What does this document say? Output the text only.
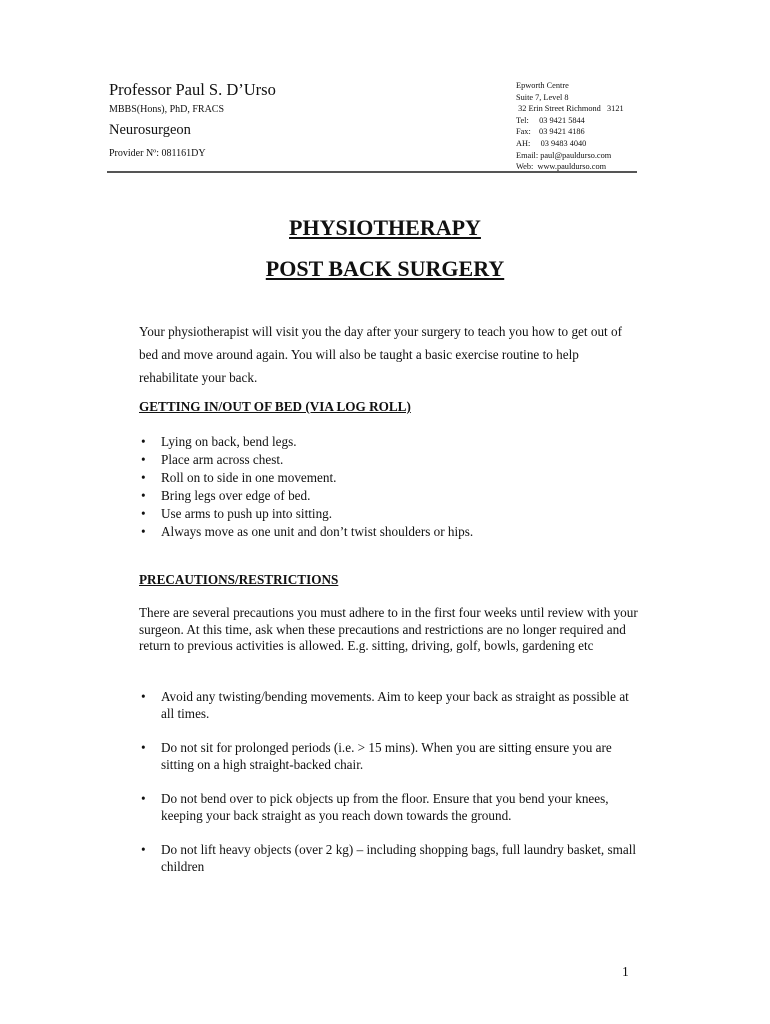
Professor Paul S. D’Urso
MBBS(Hons), PhD, FRACS
Neurosurgeon
Provider Nº: 081161DY
Epworth Centre
Suite 7, Level 8
32 Erin Street Richmond   3121
Tel:     03 9421 5844
Fax:    03 9421 4186
AH:     03 9483 4040
Email: paul@pauldurso.com
Web:  www.pauldurso.com
PHYSIOTHERAPY
POST BACK SURGERY
Your physiotherapist will visit you the day after your surgery to teach you how to get out of bed and move around again. You will also be taught a basic exercise routine to help rehabilitate your back.
GETTING IN/OUT OF BED (VIA LOG ROLL)
• Lying on back, bend legs.
• Place arm across chest.
• Roll on to side in one movement.
• Bring legs over edge of bed.
• Use arms to push up into sitting.
• Always move as one unit and don’t twist shoulders or hips.
PRECAUTIONS/RESTRICTIONS
There are several precautions you must adhere to in the first four weeks until review with your surgeon. At this time, ask when these precautions and restrictions are no longer required and return to previous activities is allowed. E.g. sitting, driving, golf, bowls, gardening etc
• Avoid any twisting/bending movements. Aim to keep your back as straight as possible at all times.
• Do not sit for prolonged periods (i.e. > 15 mins). When you are sitting ensure you are sitting on a high straight-backed chair.
• Do not bend over to pick objects up from the floor. Ensure that you bend your knees, keeping your back straight as you reach down towards the ground.
• Do not lift heavy objects (over 2 kg) – including shopping bags, full laundry basket, small children
1
